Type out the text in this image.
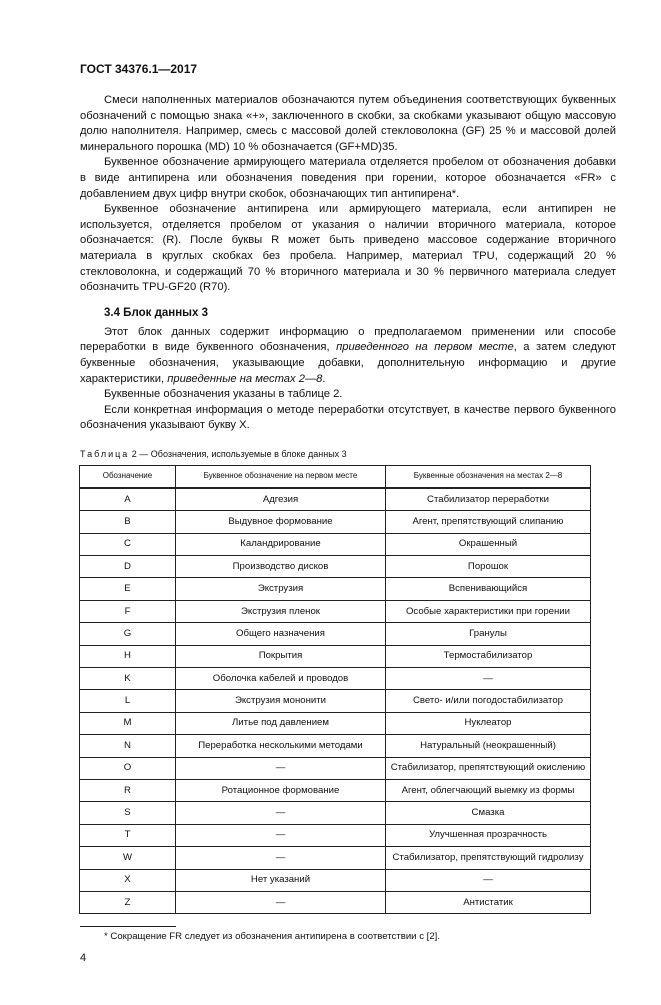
ГОСТ 34376.1—2017

Смеси наполненных материалов обозначаются путем объединения соответствующих буквенных обозначений с помощью знака «+», заключенного в скобки, за скобками указывают общую массовую долю наполнителя. Например, смесь с массовой долей стекловолокна (GF) 25 % и массовой долей минерального порошка (MD) 10 % обозначается (GF+MD)35.

Буквенное обозначение армирующего материала отделяется пробелом от обозначения добавки в виде антипирена или обозначения поведения при горении, которое обозначается «FR» с добавлением двух цифр внутри скобок, обозначающих тип антипирена*.

Буквенное обозначение антипирена или армирующего материала, если антипирен не используется, отделяется пробелом от указания о наличии вторичного материала, которое обозначается: (R). После буквы R может быть приведено массовое содержание вторичного материала в круглых скобках без пробела. Например, материал TPU, содержащий 20 % стекловолокна, и содержащий 70 % вторичного материала и 30 % первичного материала следует обозначить TPU-GF20 (R70).

3.4 Блок данных 3

Этот блок данных содержит информацию о предполагаемом применении или способе переработки в виде буквенного обозначения, приведенного на первом месте, а затем следуют буквенные обозначения, указывающие добавки, дополнительную информацию и другие характеристики, приведенные на местах 2—8.

Буквенные обозначения указаны в таблице 2.

Если конкретная информация о методе переработки отсутствует, в качестве первого буквенного обозначения указывают букву X.

Таблица 2 — Обозначения, используемые в блоке данных 3
Обозначение	Буквенное обозначение на первом месте	Буквенные обозначения на местах 2—8
A	Адгезия	Стабилизатор переработки
B	Выдувное формование	Агент, препятствующий слипанию
C	Каландрирование	Окрашенный
D	Производство дисков	Порошок
E	Экструзия	Вспенивающийся
F	Экструзия пленок	Особые характеристики при горении
G	Общего назначения	Гранулы
H	Покрытия	Термостабилизатор
K	Оболочка кабелей и проводов	—
L	Экструзия мононити	Свето- и/или погодостабилизатор
M	Литье под давлением	Нуклеатор
N	Переработка несколькими методами	Натуральный (неокрашенный)
O	—	Стабилизатор, препятствующий окислению
R	Ротационное формование	Агент, облегчающий выемку из формы
S	—	Смазка
T	—	Улучшенная прозрачность
W	—	Стабилизатор, препятствующий гидролизу
X	Нет указаний	—
Z	—	Антистатик
* Сокращение FR следует из обозначения антипирена в соответствии с [2].
4
